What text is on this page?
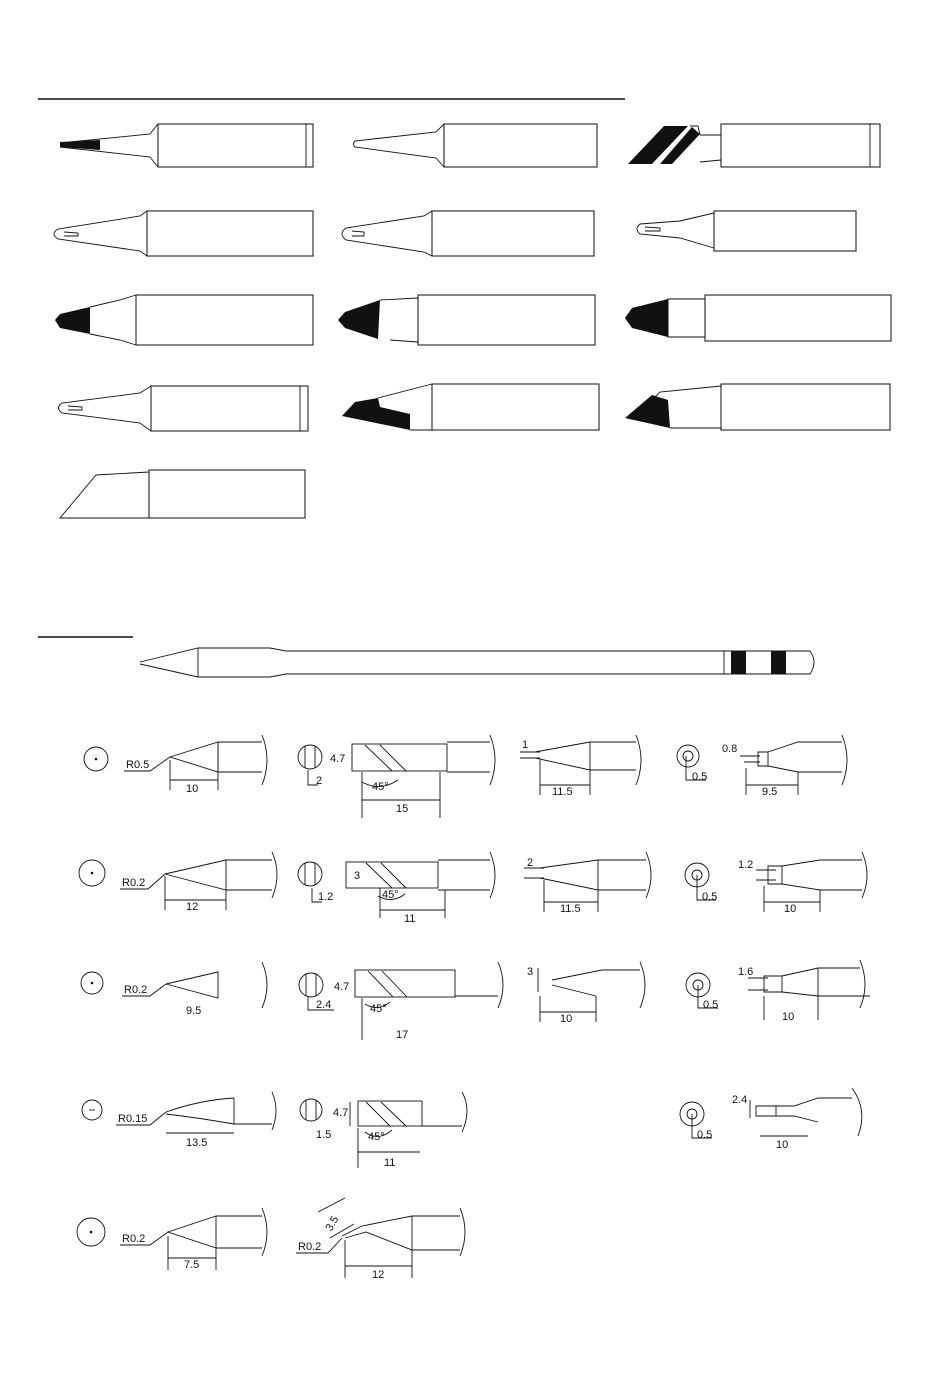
R0.5
10
4.7
2	45°
15
1
11.5
0.5
0.8
9.5
R0.2
12
3
1.2	45°
11
2
11.5
0.5
1.2
10
R0.2
9.5
4.7
2.4	45°
17
3
10
0.5
1.6
10
R0.15
13.5
4.7
1.5	45°
11
0.5
2.4
10
R0.2
7.5
3.5
R0.2
12
